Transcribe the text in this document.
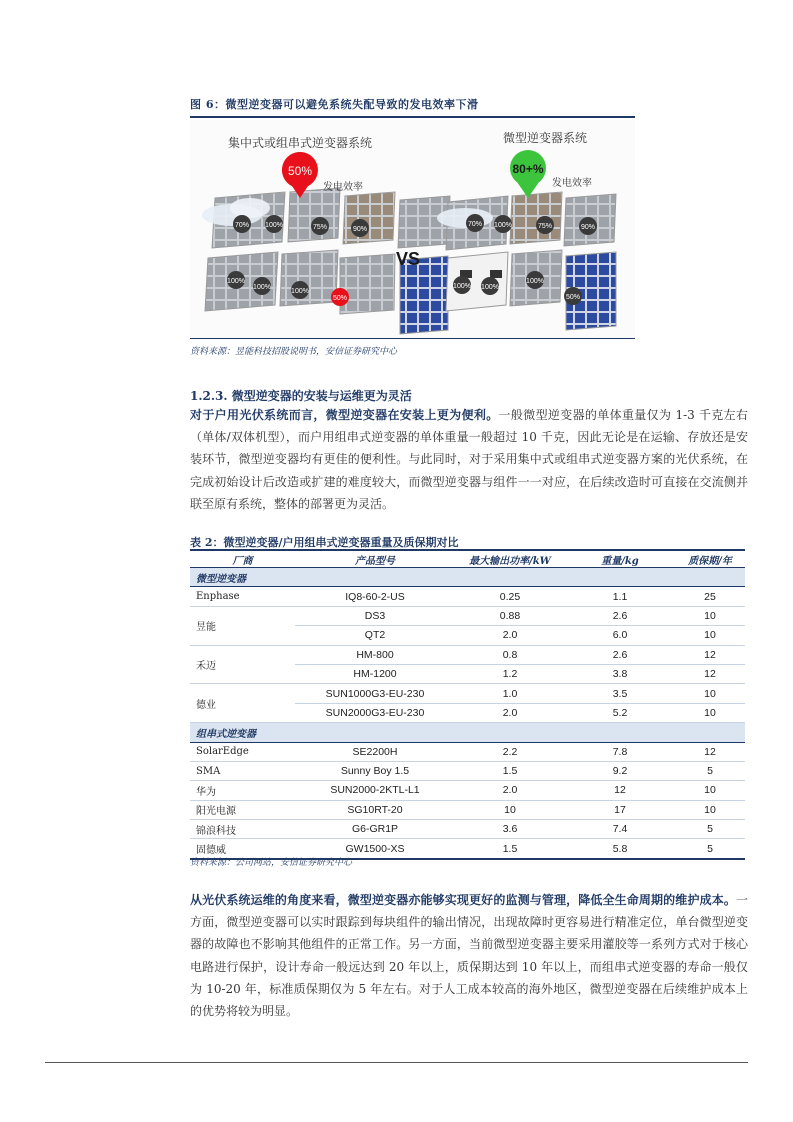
图 6：微型逆变器可以避免系统失配导致的发电效率下滑
集中式或组串式逆变器系统	微型逆变器系统
50%
发电效率
70% 100%	75%	90%
100%
100%
100%
50%
VS
80+%
发电效率
70% 100%	75%	90%
100% 100%
100%
50%
资料来源：昱能科技招股说明书，安信证券研究中心
1.2.3. 微型逆变器的安装与运维更为灵活
对于户用光伏系统而言，微型逆变器在安装上更为便利。一般微型逆变器的单体重量仅为 1-3 千克左右（单体/双体机型），而户用组串式逆变器的单体重量一般超过 10 千克，因此无论是在运输、存放还是安装环节，微型逆变器均有更佳的便利性。与此同时，对于采用集中式或组串式逆变器方案的光伏系统，在完成初始设计后改造或扩建的难度较大，而微型逆变器与组件一一对应，在后续改造时可直接在交流侧并联至原有系统，整体的部署更为灵活。
表 2：微型逆变器/户用组串式逆变器重量及质保期对比
厂商	产品型号	最大输出功率/kW	重量/kg	质保期/年
微型逆变器				
Enphase	IQ8-60-2-US	0.25	1.1	25
昱能	DS3	0.88	2.6	10
	QT2	2.0	6.0	10
禾迈	HM-800	0.8	2.6	12
	HM-1200	1.2	3.8	12
德业	SUN1000G3-EU-230	1.0	3.5	10
	SUN2000G3-EU-230	2.0	5.2	10
组串式逆变器				
SolarEdge	SE2200H	2.2	7.8	12
SMA	Sunny Boy 1.5	1.5	9.2	5
华为	SUN2000-2KTL-L1	2.0	12	10
阳光电源	SG10RT-20	10	17	10
锦浪科技	G6-GR1P	3.6	7.4	5
固德威	GW1500-XS	1.5	5.8	5
资料来源：公司网站，安信证券研究中心
从光伏系统运维的角度来看，微型逆变器亦能够实现更好的监测与管理，降低全生命周期的维护成本。一方面，微型逆变器可以实时跟踪到每块组件的输出情况，出现故障时更容易进行精准定位，单台微型逆变器的故障也不影响其他组件的正常工作。另一方面，当前微型逆变器主要采用灌胶等一系列方式对于核心电路进行保护，设计寿命一般远达到 20 年以上，质保期达到 10 年以上，而组串式逆变器的寿命一般仅为 10-20 年，标准质保期仅为 5 年左右。对于人工成本较高的海外地区，微型逆变器在后续维护成本上的优势将较为明显。
